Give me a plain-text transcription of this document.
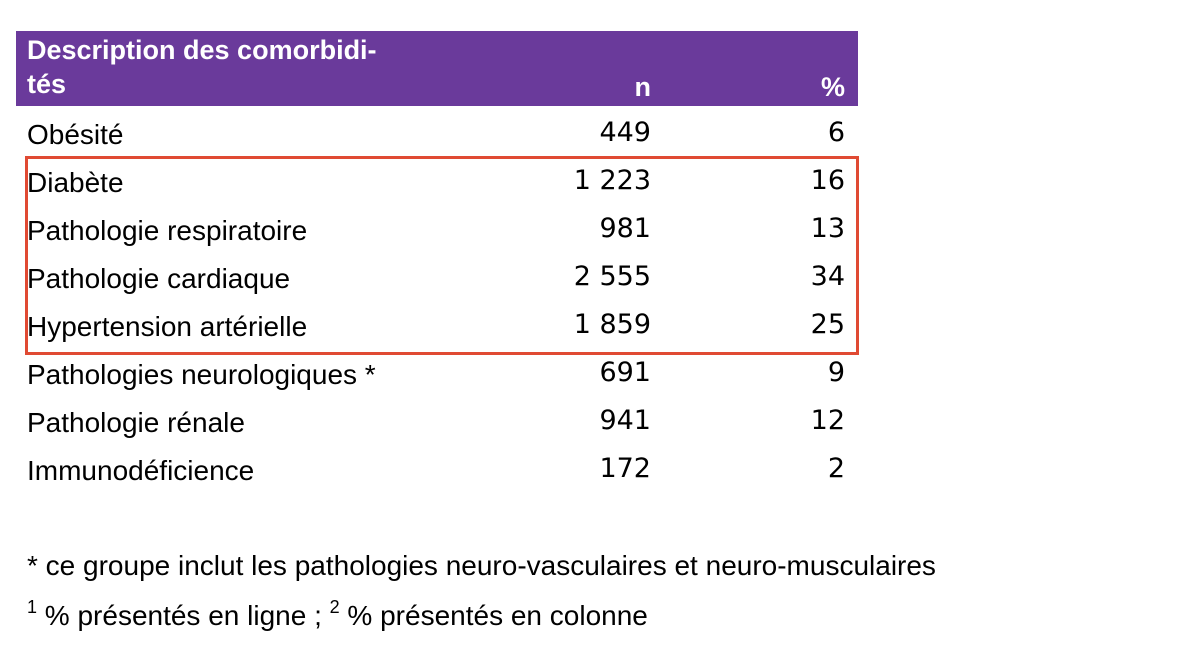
Description des comorbidi-
tés	n	%
Obésité	449	6
Diabète	1 223	16
Pathologie respiratoire	981	13
Pathologie cardiaque	2 555	34
Hypertension artérielle	1 859	25
Pathologies neurologiques *	691	9
Pathologie rénale	941	12
Immunodéficience	172	2
* ce groupe inclut les pathologies neuro-vasculaires et neuro-musculaires
$^1$ % présentés en ligne ; $^2$ % présentés en colonne
